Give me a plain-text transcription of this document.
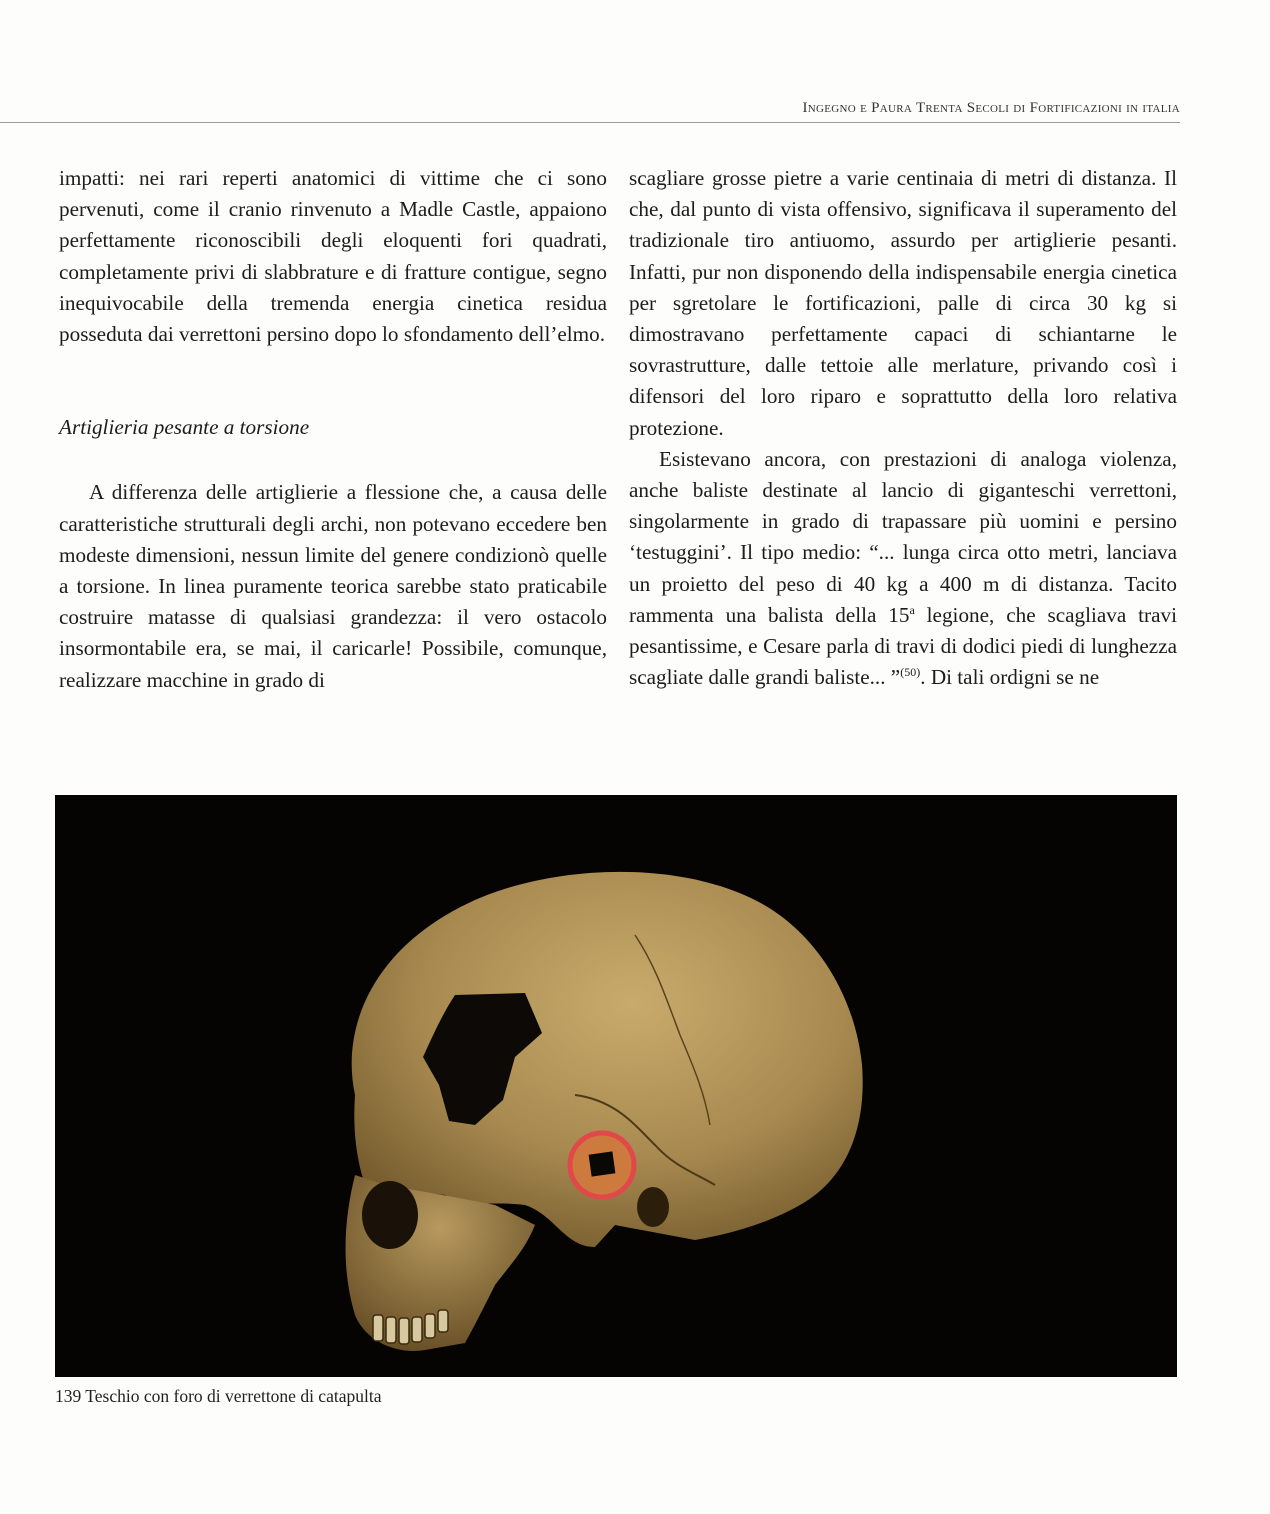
Ingegno e Paura Trenta Secoli di Fortificazioni in italia

impatti: nei rari reperti anatomici di vittime che ci sono pervenuti, come il cranio rinvenuto a Madle Castle, appaiono perfettamente riconoscibili degli eloquenti fori quadrati, completamente privi di slabbrature e di fratture contigue, segno inequivocabile della tremenda energia cinetica residua posseduta dai verrettoni persino dopo lo sfondamento dell’elmo.

Artiglieria pesante a torsione

A differenza delle artiglierie a flessione che, a causa delle caratteristiche strutturali degli archi, non potevano eccedere ben modeste dimensioni, nessun limite del genere condizionò quelle a torsione. In linea puramente teorica sarebbe stato praticabile costruire matasse di qualsiasi grandezza: il vero ostacolo insormontabile era, se mai, il caricarle! Possibile, comunque, realizzare macchine in grado di

scagliare grosse pietre a varie centinaia di metri di distanza. Il che, dal punto di vista offensivo, significava il superamento del tradizionale tiro antiuomo, assurdo per artiglierie pesanti. Infatti, pur non disponendo della indispensabile energia cinetica per sgretolare le fortificazioni, palle di circa 30 kg si dimostravano perfettamente capaci di schiantarne le sovrastrutture, dalle tettoie alle merlature, privando così i difensori del loro riparo e soprattutto della loro relativa protezione.

Esistevano ancora, con prestazioni di analoga violenza, anche baliste destinate al lancio di giganteschi verrettoni, singolarmente in grado di trapassare più uomini e persino ‘testuggini’. Il tipo medio: “... lunga circa otto metri, lanciava un proietto del peso di 40 kg a 400 m di distanza. Tacito rammenta una balista della 15$^a$ legione, che scagliava travi pesantissime, e Cesare parla di travi di dodici piedi di lunghezza scagliate dalle grandi baliste... ”$^{(50)}$. Di tali ordigni se ne

139 Teschio con foro di verrettone di catapulta
